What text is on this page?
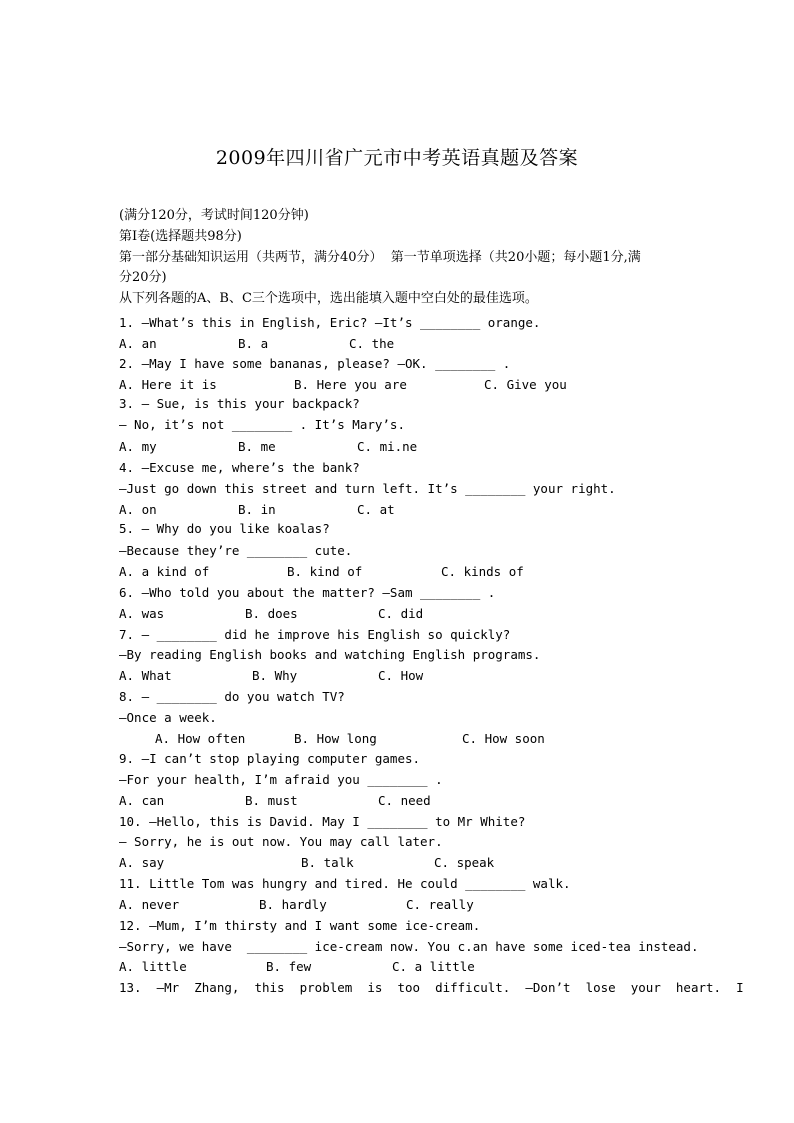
2009年四川省广元市中考英语真题及答案
(满分120分，考试时间120分钟)
第Ⅰ卷(选择题共98分)
第一部分基础知识运用（共两节，满分40分）  第一节单项选择（共20小题；每小题1分,满
分20分)
从下列各题的A、B、C三个选项中，选出能填入题中空白处的最佳选项。
1. —What’s this in English, Eric? —It’s ________ orange.
A. an	B. a	C. the
2. —May I have some bananas, please? —OK. ________ .
A. Here it is	B. Here you are	C. Give you
3. — Sue, is this your backpack?
— No, it’s not ________ . It’s Mary’s.
A. my	B. me	C. mi.ne
4. —Excuse me, where’s the bank?
—Just go down this street and turn left. It’s ________ your right.
A. on	B. in	C. at
5. — Why do you like koalas?
—Because they’re ________ cute.
A. a kind of	B. kind of	C. kinds of
6. —Who told you about the matter? —Sam ________ .
A. was	B. does	C. did
7. — ________ did he improve his English so quickly?
—By reading English books and watching English programs.
A. What	B. Why	C. How
8. — ________ do you watch TV?
—Once a week.
A. How often	B. How long	C. How soon
9. —I can’t stop playing computer games.
—For your health, I’m afraid you ________ .
A. can	B. must	C. need
10. —Hello, this is David. May I ________ to Mr White?
— Sorry, he is out now. You may call later.
A. say	B. talk	C. speak
11. Little Tom was hungry and tired. He could ________ walk.
A. never	B. hardly	C. really
12. —Mum, I’m thirsty and I want some ice-cream.
—Sorry, we have  ________ ice-cream now. You c.an have some iced-tea instead.
A. little	B. few	C. a little
13.  —Mr  Zhang,  this  problem  is  too  difficult.  —Don’t  lose  your  heart.  I
